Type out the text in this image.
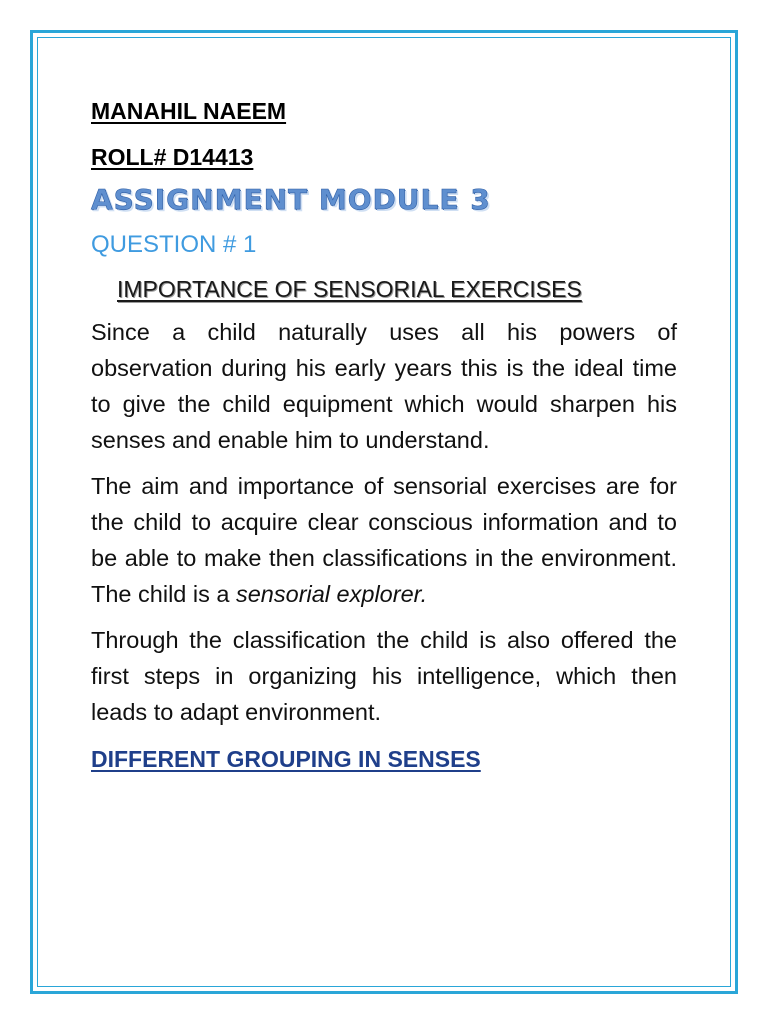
MANAHIL NAEEM
ROLL# D14413
ASSIGNMENT MODULE 3
QUESTION # 1
IMPORTANCE OF SENSORIAL EXERCISES

Since a child naturally uses all his powers of observation during his early years this is the ideal time to give the child equipment which would sharpen his senses and enable him to understand.

The aim and importance of sensorial exercises are for the child to acquire clear conscious information and to be able to make then classifications in the environment. The child is a sensorial explorer.

Through the classification the child is also offered the first steps in organizing his intelligence, which then leads to adapt environment.

DIFFERENT GROUPING IN SENSES
